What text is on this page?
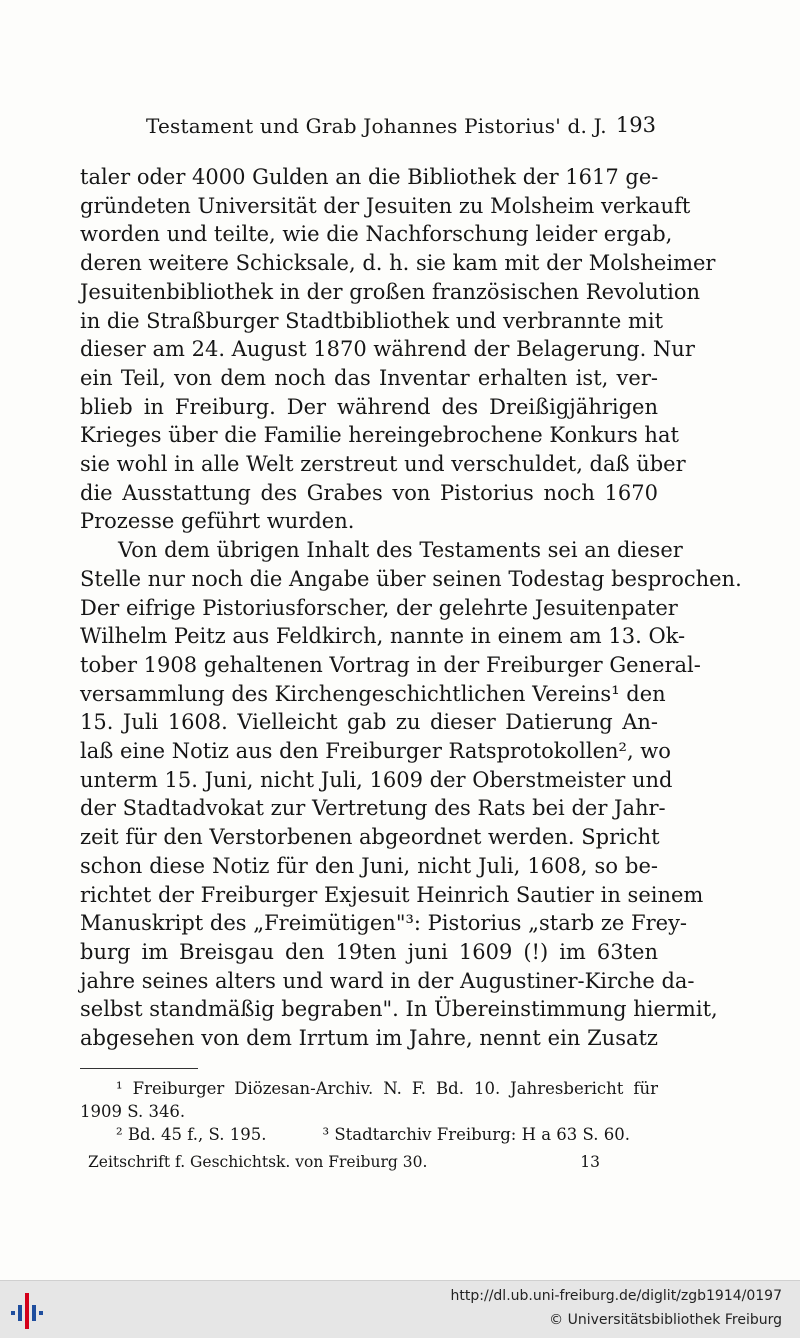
Testament und Grab Johannes Pistorius' d. J. 193
taler oder 4000 Gulden an die Bibliothek der 1617 ge-
gründeten Universität der Jesuiten zu Molsheim verkauft
worden und teilte, wie die Nachforschung leider ergab,
deren weitere Schicksale, d. h. sie kam mit der Molsheimer
Jesuitenbibliothek in der großen französischen Revolution
in die Straßburger Stadtbibliothek und verbrannte mit
dieser am 24. August 1870 während der Belagerung. Nur
ein Teil, von dem noch das Inventar erhalten ist, ver-
blieb in Freiburg. Der während des Dreißigjährigen
Krieges über die Familie hereingebrochene Konkurs hat
sie wohl in alle Welt zerstreut und verschuldet, daß über
die Ausstattung des Grabes von Pistorius noch 1670
Prozesse geführt wurden.
Von dem übrigen Inhalt des Testaments sei an dieser
Stelle nur noch die Angabe über seinen Todestag besprochen.
Der eifrige Pistoriusforscher, der gelehrte Jesuitenpater
Wilhelm Peitz aus Feldkirch, nannte in einem am 13. Ok-
tober 1908 gehaltenen Vortrag in der Freiburger General-
versammlung des Kirchengeschichtlichen Vereins¹ den
15. Juli 1608. Vielleicht gab zu dieser Datierung An-
laß eine Notiz aus den Freiburger Ratsprotokollen², wo
unterm 15. Juni, nicht Juli, 1609 der Oberstmeister und
der Stadtadvokat zur Vertretung des Rats bei der Jahr-
zeit für den Verstorbenen abgeordnet werden. Spricht
schon diese Notiz für den Juni, nicht Juli, 1608, so be-
richtet der Freiburger Exjesuit Heinrich Sautier in seinem
Manuskript des „Freimütigen"³: Pistorius „starb ze Frey-
burg im Breisgau den 19ten juni 1609 (!) im 63ten
jahre seines alters und ward in der Augustiner-Kirche da-
selbst standmäßig begraben". In Übereinstimmung hiermit,
abgesehen von dem Irrtum im Jahre, nennt ein Zusatz
¹ Freiburger Diözesan-Archiv. N. F. Bd. 10. Jahresbericht für
1909 S. 346.
² Bd. 45 f., S. 195.	³ Stadtarchiv Freiburg: H a 63 S. 60.
Zeitschrift f. Geschichtsk. von Freiburg 30.	13
http://dl.ub.uni-freiburg.de/diglit/zgb1914/0197
© Universitätsbibliothek Freiburg
